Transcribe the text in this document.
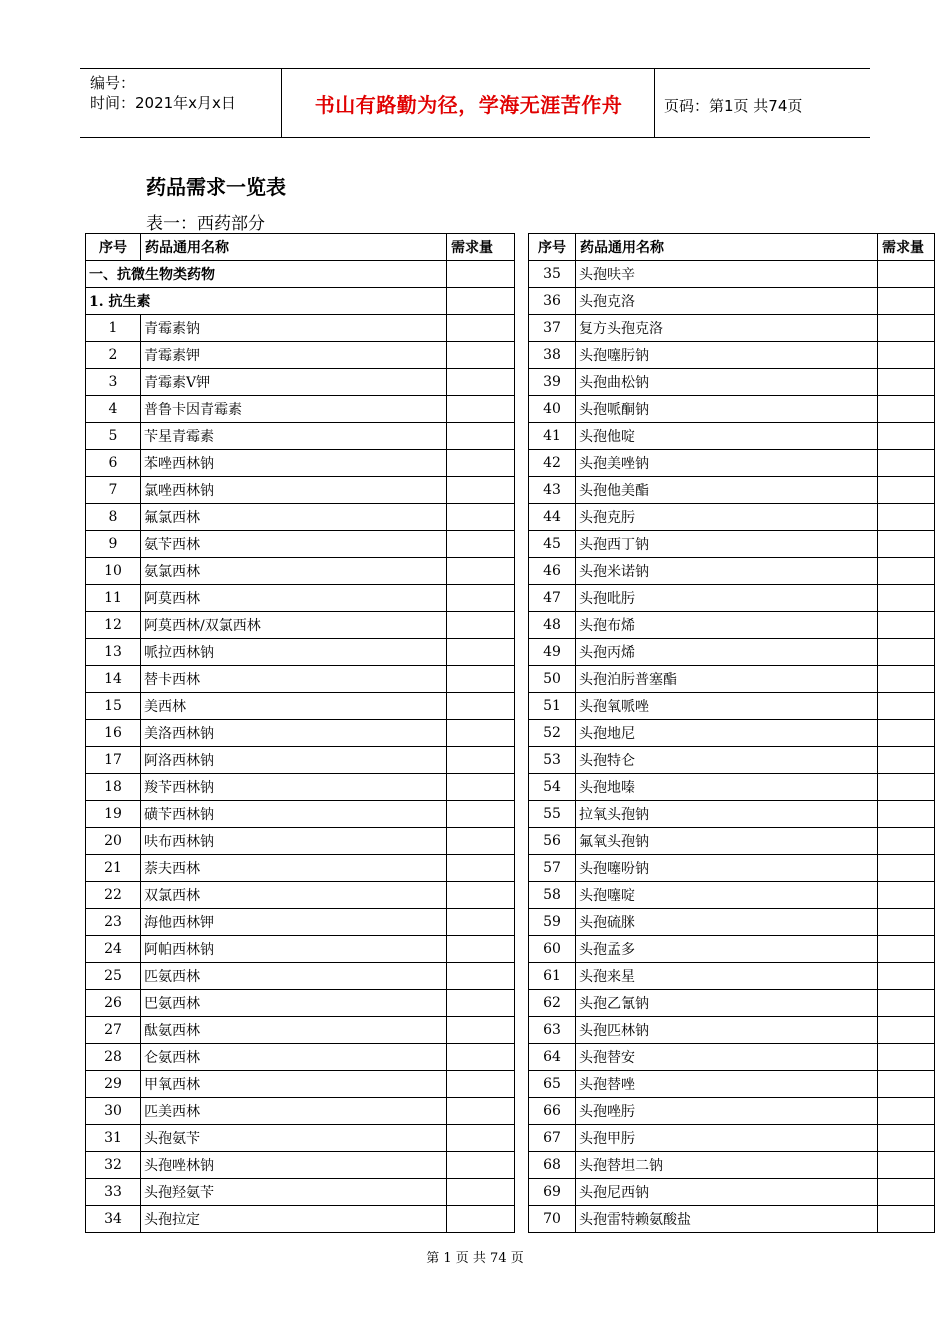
编号：
时间：2021年x月x日	书山有路勤为径，学海无涯苦作舟	页码：第1页 共74页
药品需求一览表
表一：西药部分
序号	药品通用名称	需求量
一、抗微生物类药物		
1. 抗生素		
1	青霉素钠	
2	青霉素钾	
3	青霉素V钾	
4	普鲁卡因青霉素	
5	苄星青霉素	
6	苯唑西林钠	
7	氯唑西林钠	
8	氟氯西林	
9	氨苄西林	
10	氨氯西林	
11	阿莫西林	
12	阿莫西林/双氯西林	
13	哌拉西林钠	
14	替卡西林	
15	美西林	
16	美洛西林钠	
17	阿洛西林钠	
18	羧苄西林钠	
19	磺苄西林钠	
20	呋布西林钠	
21	萘夫西林	
22	双氯西林	
23	海他西林钾	
24	阿帕西林钠	
25	匹氨西林	
26	巴氨西林	
27	酞氨西林	
28	仑氨西林	
29	甲氧西林	
30	匹美西林	
31	头孢氨苄	
32	头孢唑林钠	
33	头孢羟氨苄	
34	头孢拉定	
序号	药品通用名称	需求量
35	头孢呋辛	
36	头孢克洛	
37	复方头孢克洛	
38	头孢噻肟钠	
39	头孢曲松钠	
40	头孢哌酮钠	
41	头孢他啶	
42	头孢美唑钠	
43	头孢他美酯	
44	头孢克肟	
45	头孢西丁钠	
46	头孢米诺钠	
47	头孢吡肟	
48	头孢布烯	
49	头孢丙烯	
50	头孢泊肟普塞酯	
51	头孢氧哌唑	
52	头孢地尼	
53	头孢特仑	
54	头孢地嗪	
55	拉氧头孢钠	
56	氟氧头孢钠	
57	头孢噻吩钠	
58	头孢噻啶	
59	头孢硫脒	
60	头孢孟多	
61	头孢来星	
62	头孢乙氰钠	
63	头孢匹林钠	
64	头孢替安	
65	头孢替唑	
66	头孢唑肟	
67	头孢甲肟	
68	头孢替坦二钠	
69	头孢尼西钠	
70	头孢雷特赖氨酸盐	
第 1 页 共 74 页
